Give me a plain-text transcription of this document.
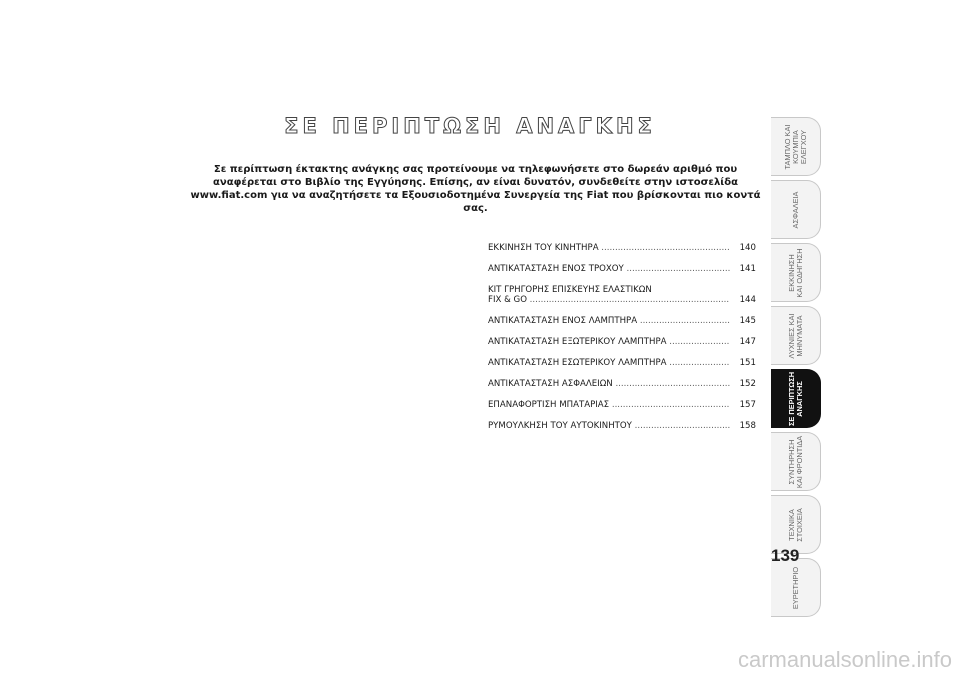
ΣΕ ΠΕΡΙΠΤΩΣΗ ΑΝΑΓΚΗΣ
Σε περίπτωση έκτακτης ανάγκης σας προτείνουμε να τηλεφωνήσετε στο δωρεάν αριθμό που αναφέρεται στο Βιβλίο της Εγγύησης. Επίσης, αν είναι δυνατόν, συνδεθείτε στην ιστοσελίδα www.fiat.com για να αναζητήσετε τα Εξουσιοδοτημένα Συνεργεία της Fiat που βρίσκονται πιο κοντά σας.
ΕΚΚΙΝΗΣΗ ΤΟΥ ΚΙΝΗΤΗΡΑ .....	140
ΑΝΤΙΚΑΤΑΣΤΑΣΗ ΕΝΟΣ ΤΡΟΧΟΥ .....	141
ΚΙΤ ΓΡΗΓΟΡΗΣ ΕΠΙΣΚΕΥΗΣ ΕΛΑΣΤΙΚΩΝ
FIX & GO .....	144
ΑΝΤΙΚΑΤΑΣΤΑΣΗ ΕΝΟΣ ΛΑΜΠΤΗΡΑ .....	145
ΑΝΤΙΚΑΤΑΣΤΑΣΗ ΕΞΩΤΕΡΙΚΟΥ ΛΑΜΠΤΗΡΑ .....	147
ΑΝΤΙΚΑΤΑΣΤΑΣΗ ΕΣΩΤΕΡΙΚΟΥ ΛΑΜΠΤΗΡΑ .....	151
ΑΝΤΙΚΑΤΑΣΤΑΣΗ ΑΣΦΑΛΕΙΩΝ .....	152
ΕΠΑΝΑΦΟΡΤΙΣΗ ΜΠΑΤΑΡΙΑΣ .....	157
ΡΥΜΟΥΛΚΗΣΗ ΤΟΥ ΑΥΤΟΚΙΝΗΤΟΥ .....	158
ΤΑΜΠΛΟ ΚΑΙ
ΚΟΥΜΠΙΑ
ΕΛΕΓΧΟΥ
ΑΣΦΑΛΕΙΑ
ΕΚΚΙΝΗΣΗ
ΚΑΙ ΟΔΗΓΗΣΗ
ΛΥΧΝΙΕΣ ΚΑΙ
ΜΗΝΥΜΑΤΑ
ΣΕ ΠΕΡΙΠΤΩΣΗ
ΑΝΑΓΚΗΣ
ΣΥΝΤΗΡΗΣΗ
ΚΑΙ ΦΡΟΝΤΙΔΑ
ΤΕΧΝΙΚΑ
ΣΤΟΙΧΕΙΑ
ΕΥΡΕΤΗΡΙΟ
139
carmanualsonline.info
